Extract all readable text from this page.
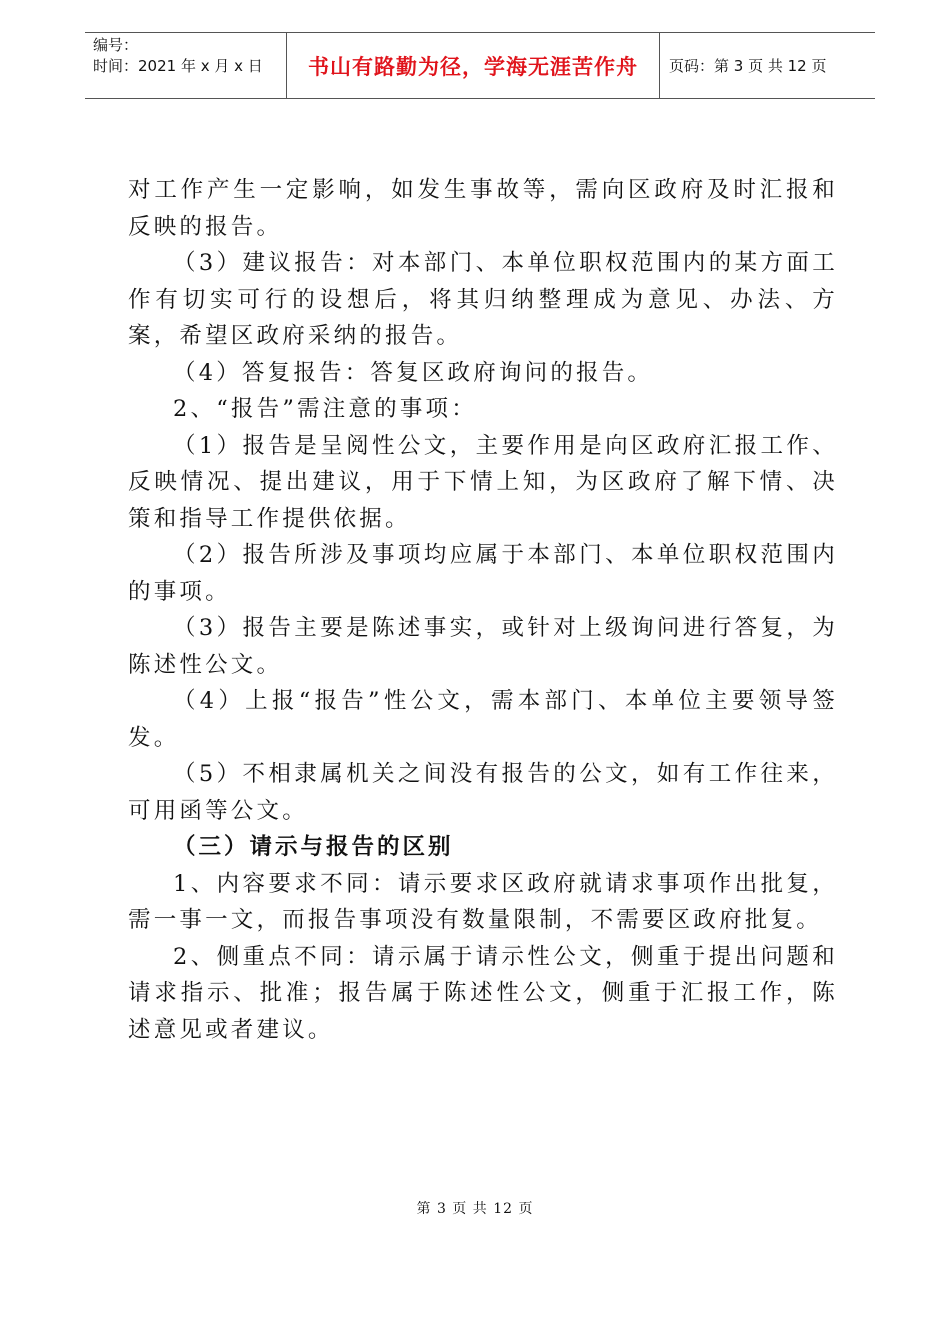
编号：
时间：2021 年 x 月 x 日	书山有路勤为径，学海无涯苦作舟	页码：第 3 页 共 12 页

对工作产生一定影响，如发生事故等，需向区政府及时汇报和反映的报告。

（3）建议报告：对本部门、本单位职权范围内的某方面工作有切实可行的设想后，将其归纳整理成为意见、办法、方案，希望区政府采纳的报告。

（4）答复报告：答复区政府询问的报告。

2、“报告”需注意的事项：

（1）报告是呈阅性公文，主要作用是向区政府汇报工作、反映情况、提出建议，用于下情上知，为区政府了解下情、决策和指导工作提供依据。

（2）报告所涉及事项均应属于本部门、本单位职权范围内的事项。

（3）报告主要是陈述事实，或针对上级询问进行答复，为陈述性公文。

（4）上报“报告”性公文，需本部门、本单位主要领导签发。

（5）不相隶属机关之间没有报告的公文，如有工作往来，可用函等公文。

（三）请示与报告的区别

1、内容要求不同：请示要求区政府就请求事项作出批复，需一事一文，而报告事项没有数量限制，不需要区政府批复。

2、侧重点不同：请示属于请示性公文，侧重于提出问题和请求指示、批准；报告属于陈述性公文，侧重于汇报工作，陈述意见或者建议。

第 3 页 共 12 页
